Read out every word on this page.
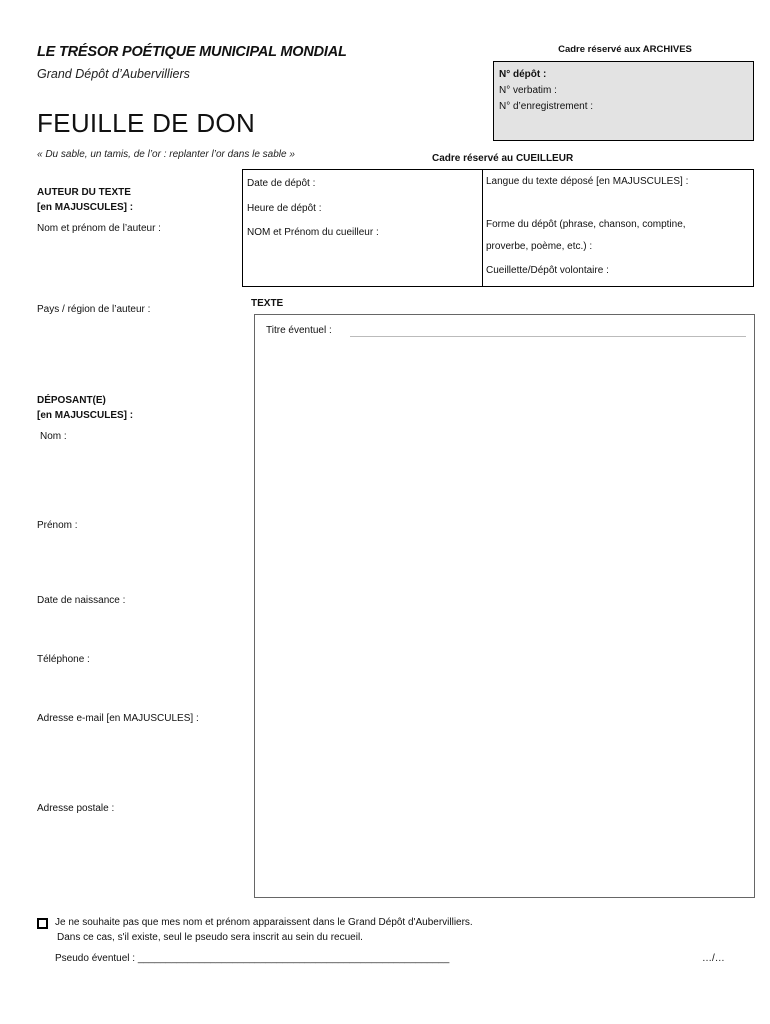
LE TRÉSOR POÉTIQUE MUNICIPAL MONDIAL
Grand Dépôt d’Aubervilliers
FEUILLE DE DON
« Du sable, un tamis, de l’or : replanter l’or dans le sable »
Cadre réservé aux ARCHIVES
N° dépôt :
N° verbatim :
N° d’enregistrement :
Cadre réservé au CUEILLEUR
Date de dépôt :
Heure de dépôt :
NOM et Prénom du cueilleur :
Langue du texte déposé [en MAJUSCULES] :
Forme du dépôt (phrase, chanson, comptine,
proverbe, poème, etc.) :
Cueillette/Dépôt volontaire :
AUTEUR DU TEXTE
[en MAJUSCULES] :
Nom et prénom de l’auteur :
Pays / région de l’auteur :
DÉPOSANT(E)
[en MAJUSCULES] :
Nom :
Prénom :
Date de naissance :
Téléphone :
Adresse e-mail [en MAJUSCULES] :
Adresse postale :
TEXTE
Titre éventuel :
Je ne souhaite pas que mes nom et prénom apparaissent dans le Grand Dépôt d'Aubervilliers.
Dans ce cas, s'il existe, seul le pseudo sera inscrit au sein du recueil.
Pseudo éventuel : ________________________________________________________	…/…
